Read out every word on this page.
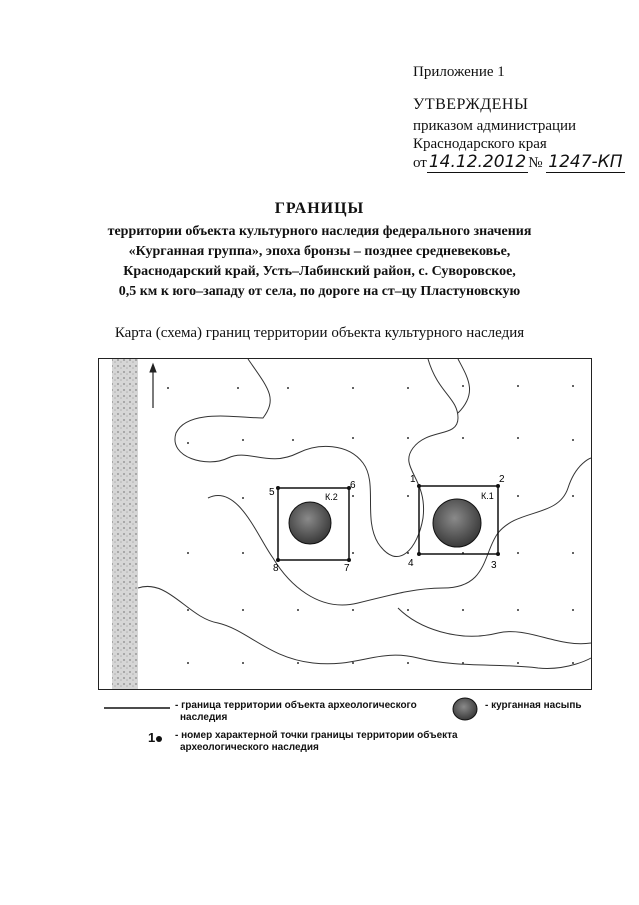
Приложение 1
УТВЕРЖДЕНЫ
приказом администрации
Краснодарского края
от 14.12.2012 № 1247-КП
ГРАНИЦЫ
территории объекта культурного наследия федерального значения
«Курганная группа», эпоха бронзы – позднее средневековье,
Краснодарский край, Усть–Лабинский район, с. Суворовское,
0,5 км к юго–западу от села, по дороге на ст–цу Пластуновскую
Карта (схема) границ территории объекта культурного наследия
К.2
5
6
7
8
К.1
1	2
3
4
- граница территории объекта археологического
наследия
- курганная насыпь
1	- номер характерной точки границы территории объекта
археологического наследия
